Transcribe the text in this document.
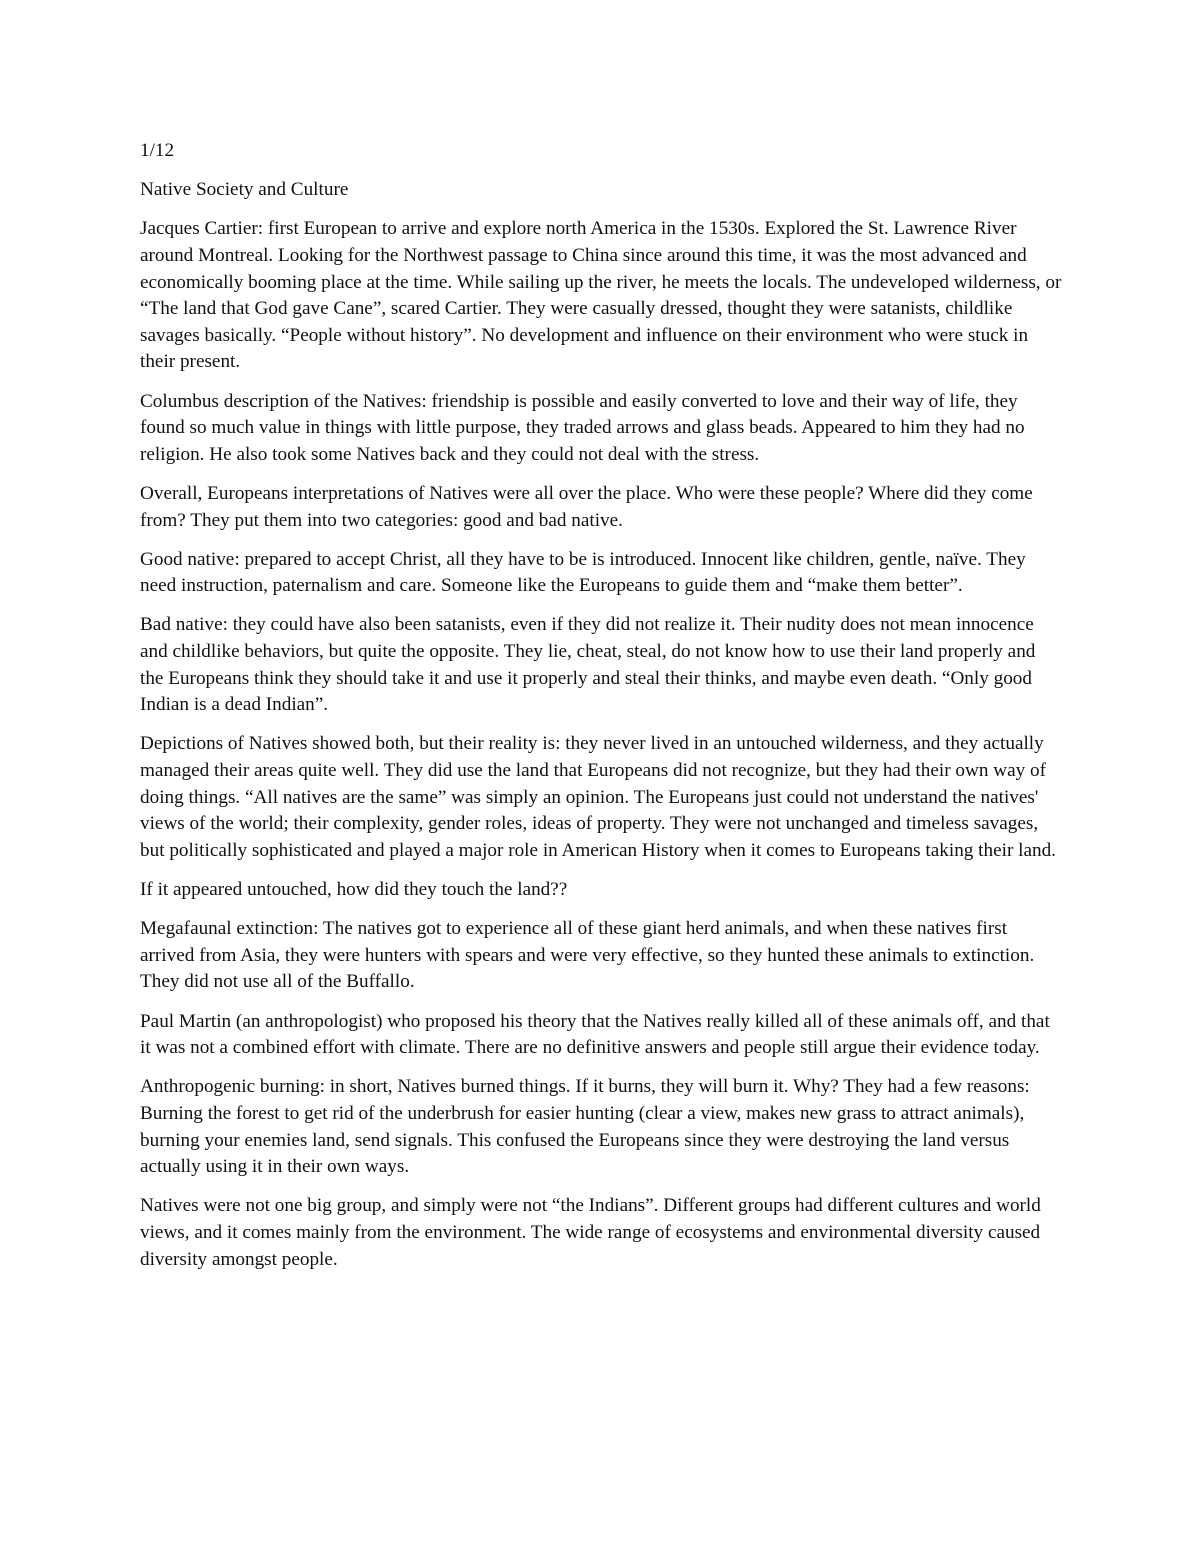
1/12

Native Society and Culture

Jacques Cartier: first European to arrive and explore north America in the 1530s. Explored the St. Lawrence River around Montreal. Looking for the Northwest passage to China since around this time, it was the most advanced and economically booming place at the time. While sailing up the river, he meets the locals. The undeveloped wilderness, or “The land that God gave Cane”, scared Cartier. They were casually dressed, thought they were satanists, childlike savages basically. “People without history”. No development and influence on their environment who were stuck in their present.

Columbus description of the Natives: friendship is possible and easily converted to love and their way of life, they found so much value in things with little purpose, they traded arrows and glass beads. Appeared to him they had no religion. He also took some Natives back and they could not deal with the stress.

Overall, Europeans interpretations of Natives were all over the place. Who were these people? Where did they come from? They put them into two categories: good and bad native.

Good native: prepared to accept Christ, all they have to be is introduced. Innocent like children, gentle, naïve. They need instruction, paternalism and care. Someone like the Europeans to guide them and “make them better”.

Bad native: they could have also been satanists, even if they did not realize it. Their nudity does not mean innocence and childlike behaviors, but quite the opposite. They lie, cheat, steal, do not know how to use their land properly and the Europeans think they should take it and use it properly and steal their thinks, and maybe even death. “Only good Indian is a dead Indian”.

Depictions of Natives showed both, but their reality is: they never lived in an untouched wilderness, and they actually managed their areas quite well. They did use the land that Europeans did not recognize, but they had their own way of doing things. “All natives are the same” was simply an opinion. The Europeans just could not understand the natives' views of the world; their complexity, gender roles, ideas of property. They were not unchanged and timeless savages, but politically sophisticated and played a major role in American History when it comes to Europeans taking their land.

If it appeared untouched, how did they touch the land??

Megafaunal extinction: The natives got to experience all of these giant herd animals, and when these natives first arrived from Asia, they were hunters with spears and were very effective, so they hunted these animals to extinction. They did not use all of the Buffallo.

Paul Martin (an anthropologist) who proposed his theory that the Natives really killed all of these animals off, and that it was not a combined effort with climate. There are no definitive answers and people still argue their evidence today.

Anthropogenic burning: in short, Natives burned things. If it burns, they will burn it. Why? They had a few reasons: Burning the forest to get rid of the underbrush for easier hunting (clear a view, makes new grass to attract animals), burning your enemies land, send signals. This confused the Europeans since they were destroying the land versus actually using it in their own ways.

Natives were not one big group, and simply were not “the Indians”. Different groups had different cultures and world views, and it comes mainly from the environment. The wide range of ecosystems and environmental diversity caused diversity amongst people.
